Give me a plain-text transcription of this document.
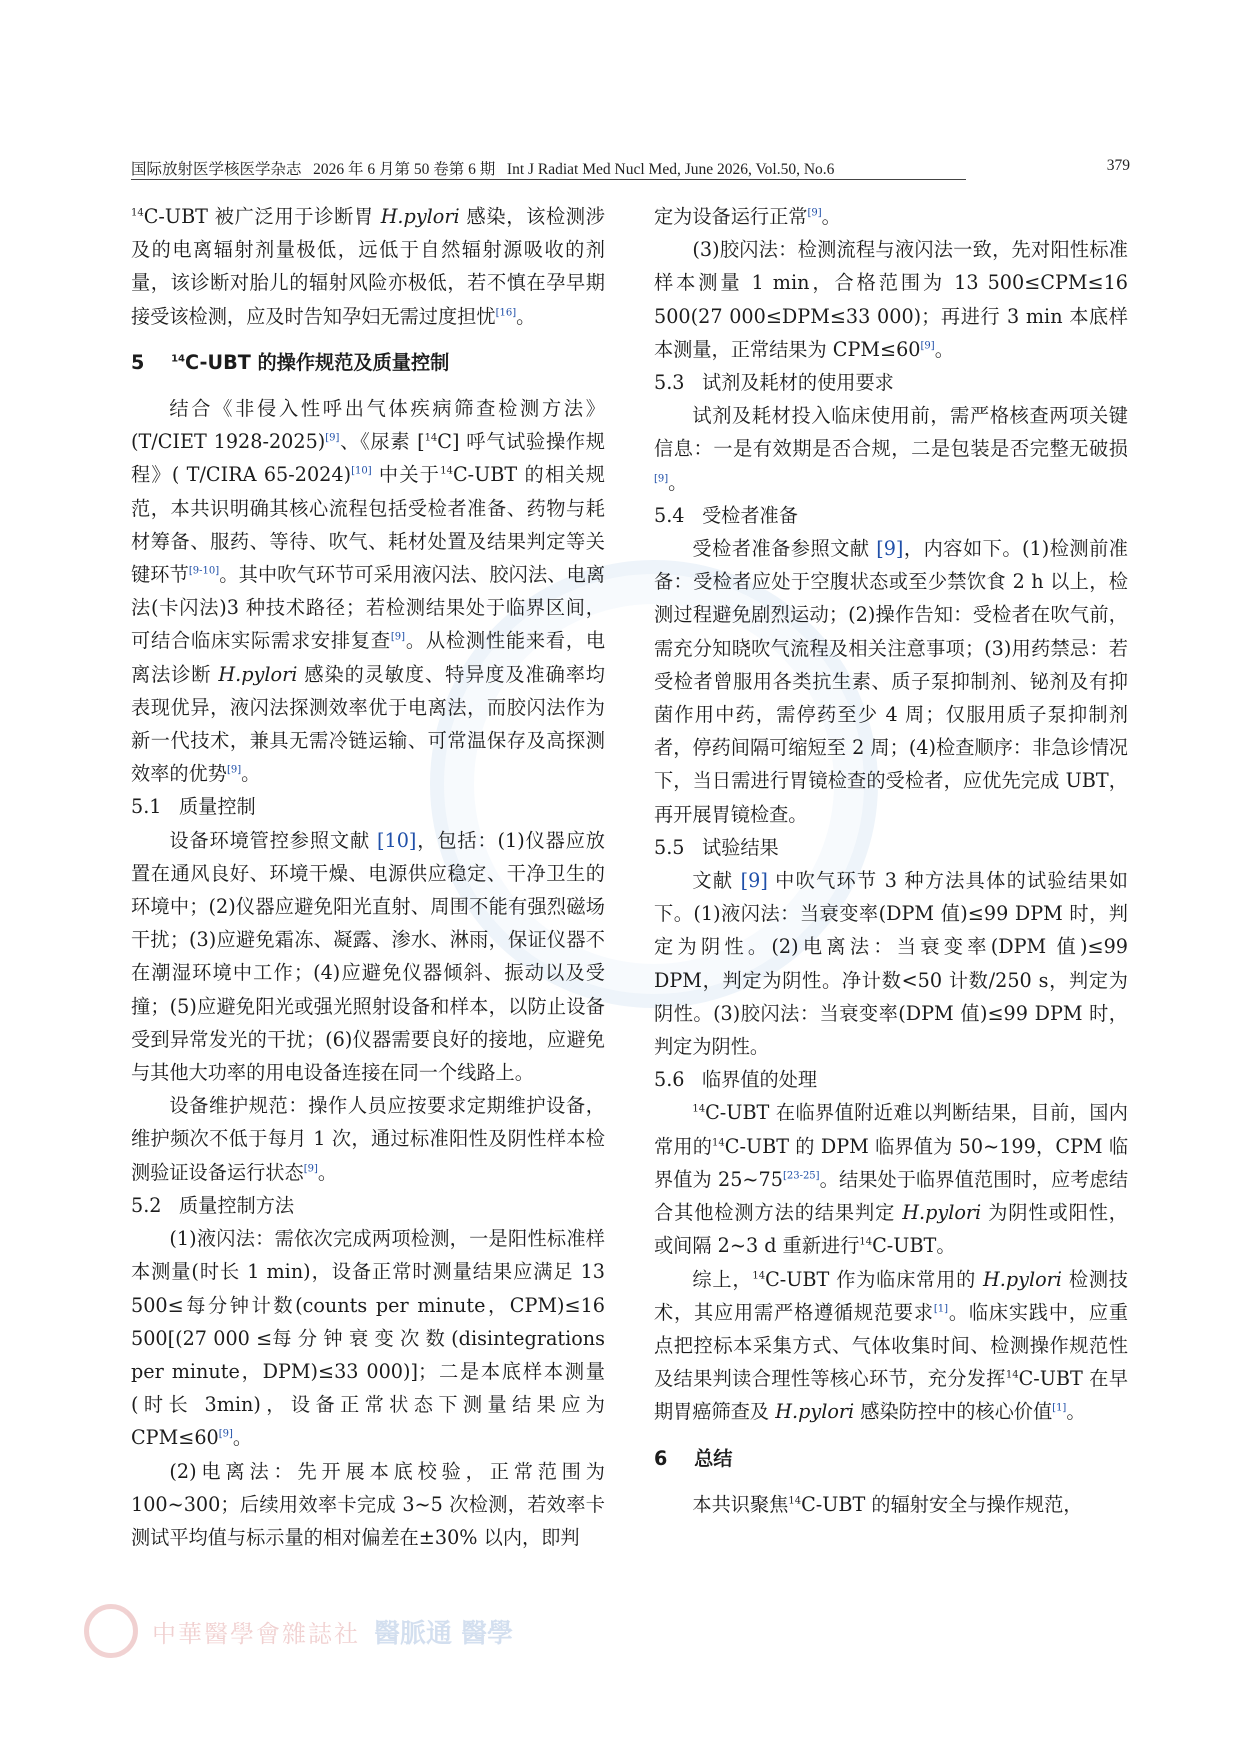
国际放射医学核医学杂志 2026 年 6 月第 50 卷第 6 期 Int J Radiat Med Nucl Med, June 2026, Vol.50, No.6	379

$^{14}$C-UBT 被广泛用于诊断胃 H.pylori 感染，该检测涉及的电离辐射剂量极低，远低于自然辐射源吸收的剂量，该诊断对胎儿的辐射风险亦极低，若不慎在孕早期接受该检测，应及时告知孕妇无需过度担忧[16]。

5	$^{14}$C-UBT 的操作规范及质量控制

结合《非侵入性呼出气体疾病筛查检测方法》(T/CIET 1928-2025)[9]、《尿素 [$^{14}$C] 呼气试验操作规程》( T/CIRA 65-2024)[10] 中关于$^{14}$C-UBT 的相关规范，本共识明确其核心流程包括受检者准备、药物与耗材筹备、服药、等待、吹气、耗材处置及结果判定等关键环节[9-10]。其中吹气环节可采用液闪法、胶闪法、电离法(卡闪法)3 种技术路径；若检测结果处于临界区间，可结合临床实际需求安排复查[9]。从检测性能来看，电离法诊断 H.pylori 感染的灵敏度、特异度及准确率均表现优异，液闪法探测效率优于电离法，而胶闪法作为新一代技术，兼具无需冷链运输、可常温保存及高探测效率的优势[9]。

5.1 质量控制

设备环境管控参照文献 [10]，包括：(1)仪器应放置在通风良好、环境干燥、电源供应稳定、干净卫生的环境中；(2)仪器应避免阳光直射、周围不能有强烈磁场干扰；(3)应避免霜冻、凝露、渗水、淋雨，保证仪器不在潮湿环境中工作；(4)应避免仪器倾斜、振动以及受撞；(5)应避免阳光或强光照射设备和样本，以防止设备受到异常发光的干扰；(6)仪器需要良好的接地，应避免与其他大功率的用电设备连接在同一个线路上。

设备维护规范：操作人员应按要求定期维护设备，维护频次不低于每月 1 次，通过标准阳性及阴性样本检测验证设备运行状态[9]。

5.2 质量控制方法

(1)液闪法：需依次完成两项检测，一是阳性标准样本测量(时长 1 min)，设备正常时测量结果应满足 13 500≤每分钟计数(counts per minute，CPM)≤16 500[(27 000 ≤每 分 钟 衰 变 次 数 (disintegrations per minute，DPM)≤33 000)]；二是本底样本测量(时长 3min)，设备正常状态下测量结果应为 CPM≤60[9]。

(2)电离法：先开展本底校验，正常范围为 100~300；后续用效率卡完成 3~5 次检测，若效率卡测试平均值与标示量的相对偏差在±30% 以内，即判

定为设备运行正常[9]。

(3)胶闪法：检测流程与液闪法一致，先对阳性标准样本测量 1 min，合格范围为 13 500≤CPM≤16 500(27 000≤DPM≤33 000)；再进行 3 min 本底样本测量，正常结果为 CPM≤60[9]。

5.3 试剂及耗材的使用要求

试剂及耗材投入临床使用前，需严格核查两项关键信息：一是有效期是否合规，二是包装是否完整无破损[9]。

5.4 受检者准备

受检者准备参照文献 [9]，内容如下。(1)检测前准备：受检者应处于空腹状态或至少禁饮食 2 h 以上，检测过程避免剧烈运动；(2)操作告知：受检者在吹气前，需充分知晓吹气流程及相关注意事项；(3)用药禁忌：若受检者曾服用各类抗生素、质子泵抑制剂、铋剂及有抑菌作用中药，需停药至少 4 周；仅服用质子泵抑制剂者，停药间隔可缩短至 2 周；(4)检查顺序：非急诊情况下，当日需进行胃镜检查的受检者，应优先完成 UBT，再开展胃镜检查。

5.5 试验结果

文献 [9] 中吹气环节 3 种方法具体的试验结果如下。(1)液闪法：当衰变率(DPM 值)≤99 DPM 时，判定为阴性。(2)电离法：当衰变率(DPM 值)≤99 DPM，判定为阴性。净计数<50 计数/250 s，判定为阴性。(3)胶闪法：当衰变率(DPM 值)≤99 DPM 时，判定为阴性。

5.6 临界值的处理

$^{14}$C-UBT 在临界值附近难以判断结果，目前，国内常用的$^{14}$C-UBT 的 DPM 临界值为 50~199，CPM 临界值为 25~75[23-25]。结果处于临界值范围时，应考虑结合其他检测方法的结果判定 H.pylori 为阴性或阳性，或间隔 2~3 d 重新进行$^{14}$C-UBT。

综上，$^{14}$C-UBT 作为临床常用的 H.pylori 检测技术，其应用需严格遵循规范要求[1]。临床实践中，应重点把控标本采集方式、气体收集时间、检测操作规范性及结果判读合理性等核心环节，充分发挥$^{14}$C-UBT 在早期胃癌筛查及 H.pylori 感染防控中的核心价值[1]。

6 总结

本共识聚焦$^{14}$C-UBT 的辐射安全与操作规范，

中華醫學會雜誌社 醫脈通 醫學
